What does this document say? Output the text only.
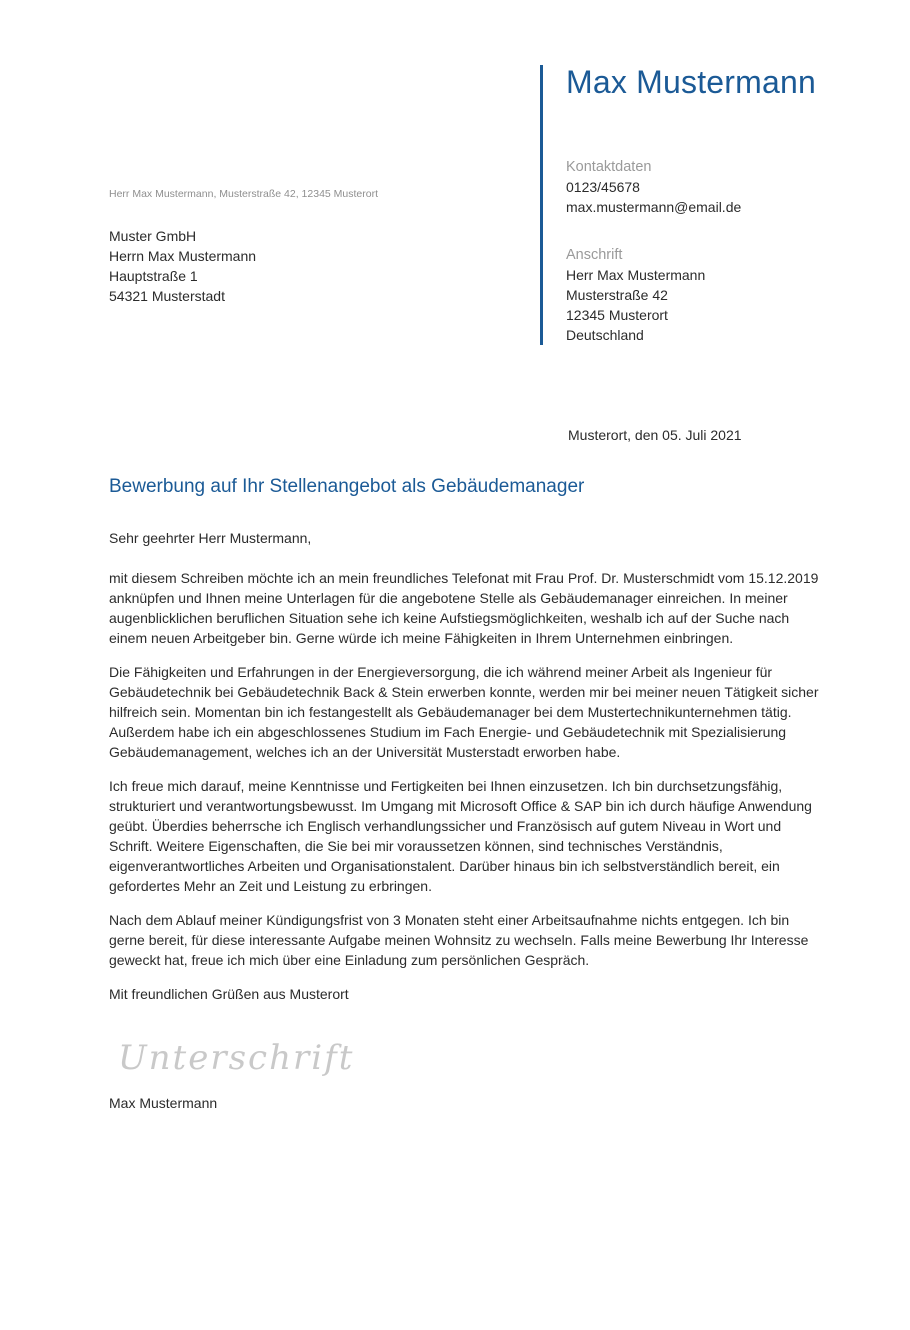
Max Mustermann
Kontaktdaten
0123/45678
max.mustermann@email.de
Anschrift
Herr Max Mustermann
Musterstraße 42
12345 Musterort
Deutschland
Herr Max Mustermann, Musterstraße 42, 12345 Musterort
Muster GmbH
Herrn Max Mustermann
Hauptstraße 1
54321 Musterstadt
Musterort, den 05. Juli 2021
Bewerbung auf Ihr Stellenangebot als Gebäudemanager

Sehr geehrter Herr Mustermann,

mit diesem Schreiben möchte ich an mein freundliches Telefonat mit Frau Prof. Dr. Musterschmidt vom 15.12.2019 anknüpfen und Ihnen meine Unterlagen für die angebotene Stelle als Gebäudemanager einreichen. In meiner augenblicklichen beruflichen Situation sehe ich keine Aufstiegsmöglichkeiten, weshalb ich auf der Suche nach einem neuen Arbeitgeber bin. Gerne würde ich meine Fähigkeiten in Ihrem Unternehmen einbringen.

Die Fähigkeiten und Erfahrungen in der Energieversorgung, die ich während meiner Arbeit als Ingenieur für Gebäudetechnik bei Gebäudetechnik Back & Stein erwerben konnte, werden mir bei meiner neuen Tätigkeit sicher hilfreich sein. Momentan bin ich festangestellt als Gebäudemanager bei dem Mustertechnikunternehmen tätig. Außerdem habe ich ein abgeschlossenes Studium im Fach Energie- und Gebäudetechnik mit Spezialisierung Gebäudemanagement, welches ich an der Universität Musterstadt erworben habe.

Ich freue mich darauf, meine Kenntnisse und Fertigkeiten bei Ihnen einzusetzen. Ich bin durchsetzungsfähig, strukturiert und verantwortungsbewusst. Im Umgang mit Microsoft Office & SAP bin ich durch häufige Anwendung geübt. Überdies beherrsche ich Englisch verhandlungssicher und Französisch auf gutem Niveau in Wort und Schrift. Weitere Eigenschaften, die Sie bei mir voraussetzen können, sind technisches Verständnis, eigenverantwortliches Arbeiten und Organisationstalent. Darüber hinaus bin ich selbstverständlich bereit, ein gefordertes Mehr an Zeit und Leistung zu erbringen.

Nach dem Ablauf meiner Kündigungsfrist von 3 Monaten steht einer Arbeitsaufnahme nichts entgegen. Ich bin gerne bereit, für diese interessante Aufgabe meinen Wohnsitz zu wechseln. Falls meine Bewerbung Ihr Interesse geweckt hat, freue ich mich über eine Einladung zum persönlichen Gespräch.

Mit freundlichen Grüßen aus Musterort

Unterschrift
Max Mustermann
